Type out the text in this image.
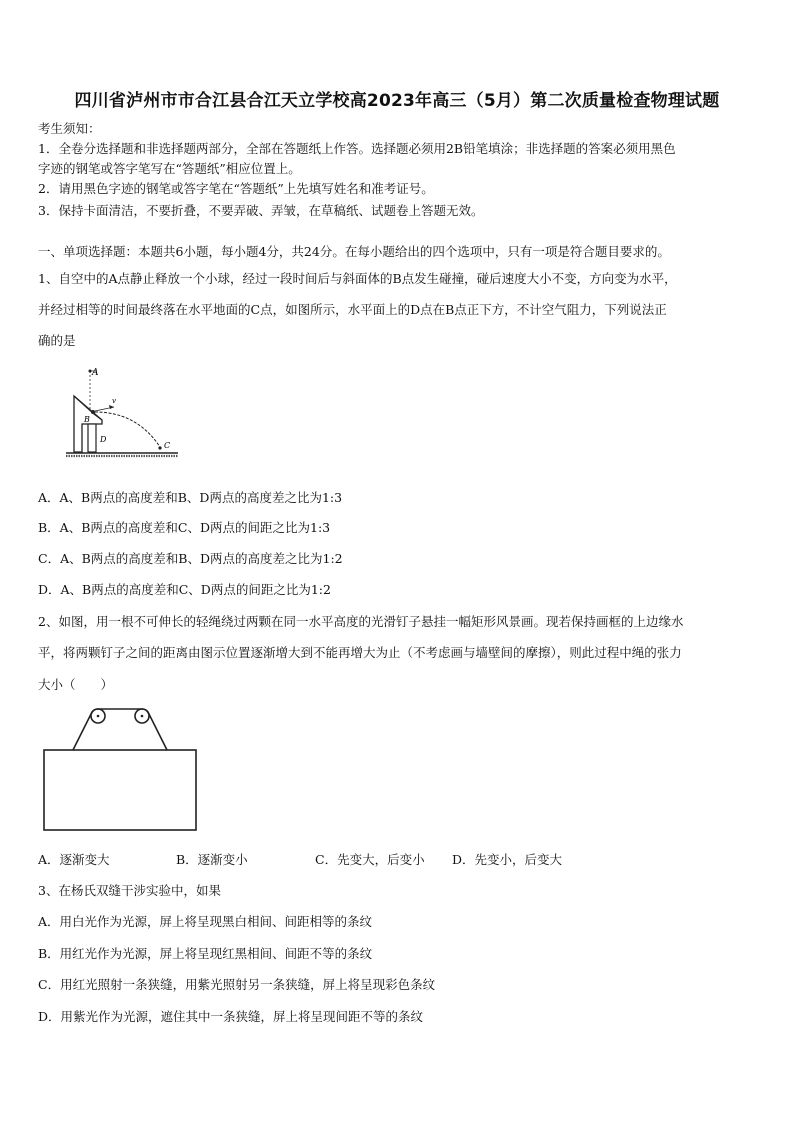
四川省泸州市市合江县合江天立学校高2023年高三（5月）第二次质量检查物理试题
考生须知：
1．全卷分选择题和非选择题两部分，全部在答题纸上作答。选择题必须用2B铅笔填涂；非选择题的答案必须用黑色
字迹的钢笔或答字笔写在“答题纸”相应位置上。
2．请用黑色字迹的钢笔或答字笔在“答题纸”上先填写姓名和准考证号。
3．保持卡面清洁，不要折叠，不要弄破、弄皱，在草稿纸、试题卷上答题无效。
一、单项选择题：本题共6小题，每小题4分，共24分。在每小题给出的四个选项中，只有一项是符合题目要求的。
1、自空中的A点静止释放一个小球，经过一段时间后与斜面体的B点发生碰撞，碰后速度大小不变，方向变为水平，
并经过相等的时间最终落在水平地面的C点，如图所示，水平面上的D点在B点正下方，不计空气阻力，下列说法正
确的是
A
B
v
C
D
A．A、B两点的高度差和B、D两点的高度差之比为1:3
B．A、B两点的高度差和C、D两点的间距之比为1:3
C．A、B两点的高度差和B、D两点的高度差之比为1:2
D．A、B两点的高度差和C、D两点的间距之比为1:2
2、如图，用一根不可伸长的轻绳绕过两颗在同一水平高度的光滑钉子悬挂一幅矩形风景画。现若保持画框的上边缘水
平，将两颗钉子之间的距离由图示位置逐渐增大到不能再增大为止（不考虑画与墙壁间的摩擦），则此过程中绳的张力
大小（　　）
A．逐渐变大	B．逐渐变小	C．先变大，后变小 D．先变小，后变大
3、在杨氏双缝干涉实验中，如果
A．用白光作为光源，屏上将呈现黑白相间、间距相等的条纹
B．用红光作为光源，屏上将呈现红黑相间、间距不等的条纹
C．用红光照射一条狭缝，用紫光照射另一条狭缝，屏上将呈现彩色条纹
D．用紫光作为光源，遮住其中一条狭缝，屏上将呈现间距不等的条纹
